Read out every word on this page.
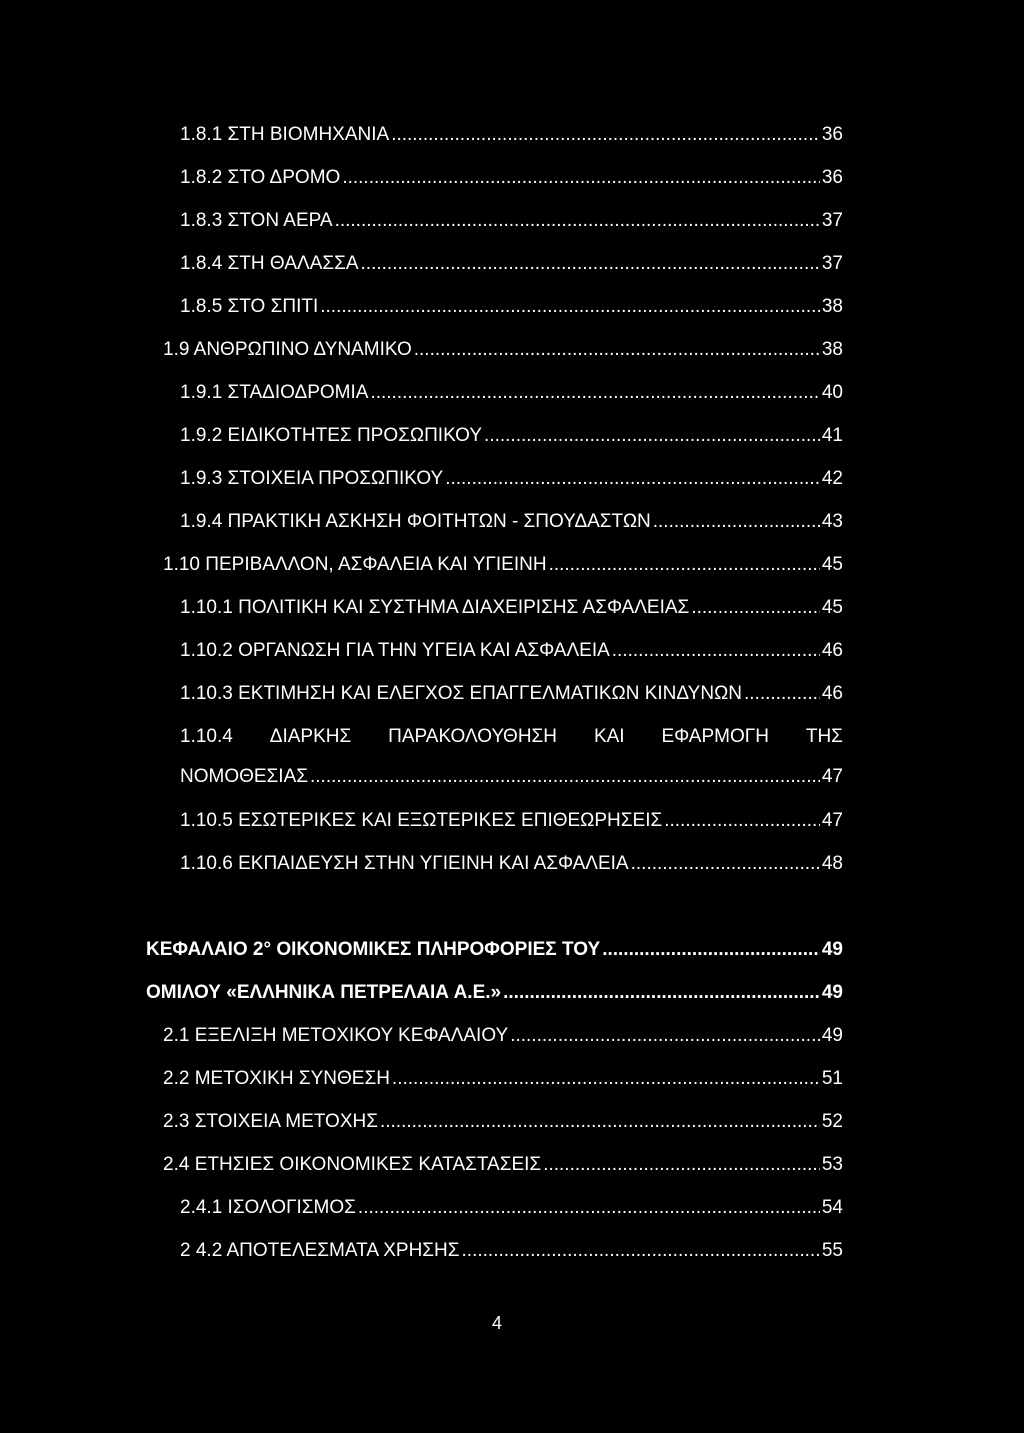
1.8.1 ΣΤΗ ΒΙΟΜΗΧΑΝΙΑ .....	36
1.8.2 ΣΤΟ ΔΡΟΜΟ .....	36
1.8.3 ΣΤΟΝ ΑΕΡΑ .....	37
1.8.4 ΣΤΗ ΘΑΛΑΣΣΑ .....	37
1.8.5 ΣΤΟ ΣΠΙΤΙ .....	38
1.9 ΑΝΘΡΩΠΙΝΟ ΔΥΝΑΜΙΚΟ .....	38
1.9.1 ΣΤΑΔΙΟΔΡΟΜΙΑ .....	40
1.9.2 ΕΙΔΙΚΟΤΗΤΕΣ ΠΡΟΣΩΠΙΚΟΥ .....	41
1.9.3 ΣΤΟΙΧΕΙΑ ΠΡΟΣΩΠΙΚΟΥ .....	42
1.9.4 ΠΡΑΚΤΙΚΗ ΑΣΚΗΣΗ ΦΟΙΤΗΤΩΝ - ΣΠΟΥΔΑΣΤΩΝ .....	43
1.10 ΠΕΡΙΒΑΛΛΟΝ, ΑΣΦΑΛΕΙΑ ΚΑΙ ΥΓΙΕΙΝΗ .....	45
1.10.1 ΠΟΛΙΤΙΚΗ ΚΑΙ ΣΥΣΤΗΜΑ ΔΙΑΧΕΙΡΙΣΗΣ ΑΣΦΑΛΕΙΑΣ .....	45
1.10.2 ΟΡΓΑΝΩΣΗ ΓΙΑ ΤΗΝ ΥΓΕΙΑ ΚΑΙ ΑΣΦΑΛΕΙΑ .....	46
1.10.3 ΕΚΤΙΜΗΣΗ ΚΑΙ ΕΛΕΓΧΟΣ ΕΠΑΓΓΕΛΜΑΤΙΚΩΝ ΚΙΝΔΥΝΩΝ .....	46
1.10.4 ΔΙΑΡΚΗΣ ΠΑΡΑΚΟΛΟΥΘΗΣΗ ΚΑΙ ΕΦΑΡΜΟΓΗ ΤΗΣ
ΝΟΜΟΘΕΣΙΑΣ .....	47
1.10.5 ΕΣΩΤΕΡΙΚΕΣ ΚΑΙ ΕΞΩΤΕΡΙΚΕΣ ΕΠΙΘΕΩΡΗΣΕΙΣ .....	47
1.10.6 ΕΚΠΑΙΔΕΥΣΗ ΣΤΗΝ ΥΓΙΕΙΝΗ ΚΑΙ ΑΣΦΑΛΕΙΑ .....	48
ΚΕΦΑΛΑΙΟ 2° ΟΙΚΟΝΟΜΙΚΕΣ ΠΛΗΡΟΦΟΡΙΕΣ ΤΟΥ .....	49
ΟΜΙΛΟΥ «ΕΛΛΗΝΙΚΑ ΠΕΤΡΕΛΑΙΑ Α.Ε.» .....	49
2.1 ΕΞΕΛΙΞΗ ΜΕΤΟΧΙΚΟΥ ΚΕΦΑΛΑΙΟΥ .....	49
2.2 ΜΕΤΟΧΙΚΗ ΣΥΝΘΕΣΗ .....	51
2.3 ΣΤΟΙΧΕΙΑ ΜΕΤΟΧΗΣ .....	52
2.4 ΕΤΗΣΙΕΣ ΟΙΚΟΝΟΜΙΚΕΣ ΚΑΤΑΣΤΑΣΕΙΣ .....	53
2.4.1 ΙΣΟΛΟΓΙΣΜΟΣ .....	54
2 4.2 ΑΠΟΤΕΛΕΣΜΑΤΑ ΧΡΗΣΗΣ .....	55
4
